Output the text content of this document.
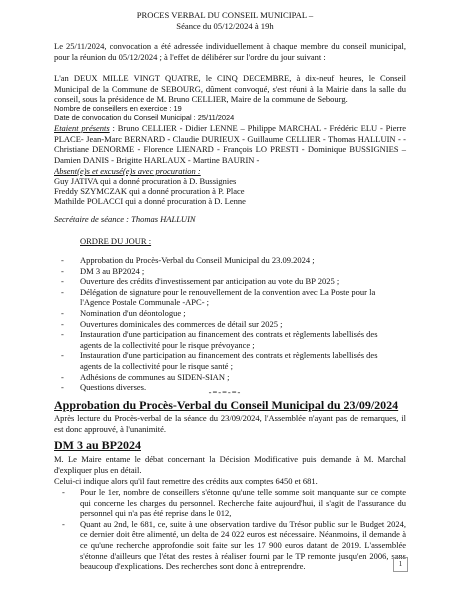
PROCES VERBAL DU CONSEIL MUNICIPAL –
Séance du 05/12/2024 à 19h
Le 25/11/2024, convocation a été adressée individuellement à chaque membre du conseil municipal, pour la réunion du 05/12/2024 ; à l'effet de délibérer sur l'ordre du jour suivant :
L'an DEUX MILLE VINGT QUATRE, le CINQ DECEMBRE, à dix-neuf heures, le Conseil Municipal de la Commune de SEBOURG, dûment convoqué, s'est réuni à la Mairie dans la salle du conseil, sous la présidence de M. Bruno CELLIER, Maire de la commune de Sebourg.
Nombre de conseillers en exercice : 19
Date de convocation du Conseil Municipal : 25/11/2024
Etaient présents : Bruno CELLIER - Didier LENNE – Philippe MARCHAL - Frédéric ELU - Pierre PLACE- Jean-Marc BERNARD - Claudie DURIEUX - Guillaume CELLIER - Thomas HALLUIN - - Christiane DENORME - Florence LIENARD - François LO PRESTI - Dominique BUSSIGNIES – Damien DANIS - Brigitte HARLAUX - Martine BAURIN -
Absent(e)s et excusé(e)s avec procuration :
Guy JATIVA qui a donné procuration à D. Bussignies
Freddy SZYMCZAK qui a donné procuration à P. Place
Mathilde POLACCI qui a donné procuration à D. Lenne
Secrétaire de séance : Thomas HALLUIN
ORDRE DU JOUR :
- Approbation du Procès-Verbal du Conseil Municipal du 23.09.2024 ;
- DM 3 au BP2024 ;
- Ouverture des crédits d'investissement par anticipation au vote du BP 2025 ;
- Délégation de signature pour le renouvellement de la convention avec La Poste pour la l'Agence Postale Communale -APC- ;
- Nomination d'un déontologue ;
- Ouvertures dominicales des commerces de détail sur 2025 ;
- Instauration d'une participation au financement des contrats et règlements labellisés des agents de la collectivité pour le risque prévoyance ;
- Instauration d'une participation au financement des contrats et règlements labellisés des agents de la collectivité pour le risque santé ;
- Adhésions de communes au SIDEN-SIAN ;
- Questions diverses.	-=-=-=-
Approbation du Procès-Verbal du Conseil Municipal du 23/09/2024
Après lecture du Procès-verbal de la séance du 23/09/2024, l'Assemblée n'ayant pas de remarques, il est donc approuvé, à l'unanimité.
DM 3 au BP2024
M. Le Maire entame le débat concernant la Décision Modificative puis demande à M. Marchal d'expliquer plus en détail.
Celui-ci indique alors qu'il faut remettre des crédits aux comptes 6450 et 681.
- Pour le 1er, nombre de conseillers s'étonne qu'une telle somme soit manquante sur ce compte qui concerne les charges du personnel. Recherche faite aujourd'hui, il s'agit de l'assurance du personnel qui n'a pas été reprise dans le 012,
- Quant au 2nd, le 681, ce, suite à une observation tardive du Trésor public sur le Budget 2024, ce dernier doit être alimenté, un delta de 24 022 euros est nécessaire. Néanmoins, il demande à ce qu'une recherche approfondie soit faite sur les 17 900 euros datant de 2019. L'assemblée s'étonne d'ailleurs que l'état des restes à réaliser fourni par le TP remonte jusqu'en 2006, sans beaucoup d'explications. Des recherches sont donc à entreprendre.	1
